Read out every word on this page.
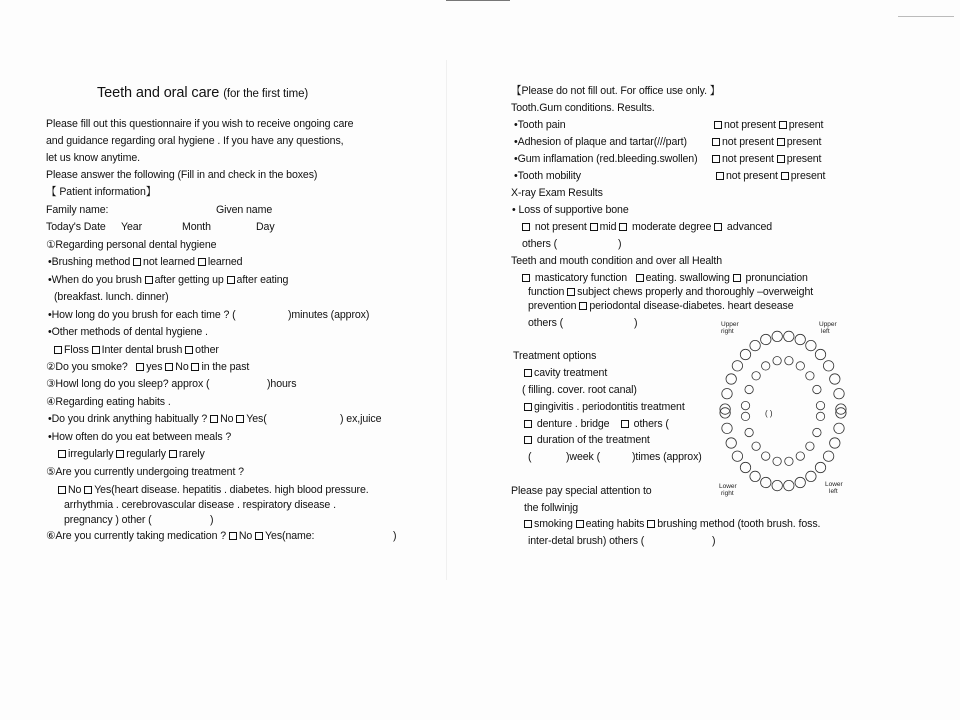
Teeth and oral care (for the first time)
Please fill out this questionnaire if you wish to receive ongoing care
and guidance regarding oral hygiene . If you have any questions,
let us know anytime.
Please answer the following (Fill in and check in the boxes)
【 Patient information】
Family name:	Given name
Today's Date Year	Month	Day
①Regarding personal dental hygiene
•Brushing method not learned learned
•When do you brush after getting up after eating
(breakfast. lunch. dinner)
•How long do you brush for each time ? (	)minutes (approx)
•Other methods of dental hygiene .
Floss Inter dental brush other
②Do you smoke? yes No in the past
③Howl long do you sleep? approx (	)hours
④Regarding eating habits .
•Do you drink anything habitually ? No Yes(	) ex,juice
•How often do you eat between meals ?
irregularly regularly rarely
⑤Are you currently undergoing treatment ?
No Yes(heart disease. hepatitis . diabetes. high blood pressure.
arrhythmia . cerebrovascular disease . respiratory disease .
pregnancy ) other (	)
⑥Are you currently taking medication ? No Yes(name:	)
【Please do not fill out. For office use only. 】
Tooth.Gum conditions. Results.
•Tooth pain	not present present
•Adhesion of plaque and tartar(///part)	not present present
•Gum inflamation (red.bleeding.swollen)	not present present
•Tooth mobility	not present present
X-ray Exam Results
• Loss of supportive bone
not present mid  moderate degree  advanced
others (	)
Teeth and mouth condition and over all Health
masticatory function eating. swallowing  pronunciation
function subject chews properly and thoroughly –overweight
prevention periodontal disease-diabetes. heart desease
others (	)
Treatment options
cavity treatment
( filling. cover. root canal)
gingivitis . periodontitis treatment
denture . bridge     others (
duration of the treatment
(	)week (	)times (approx)
Please pay special attention to
the follwinjg
smoking eating habits brushing method (tooth brush. foss.
inter-detal brush) others (	)
Upper
right
Upper
left
Lower
right
Lower
left
( )
